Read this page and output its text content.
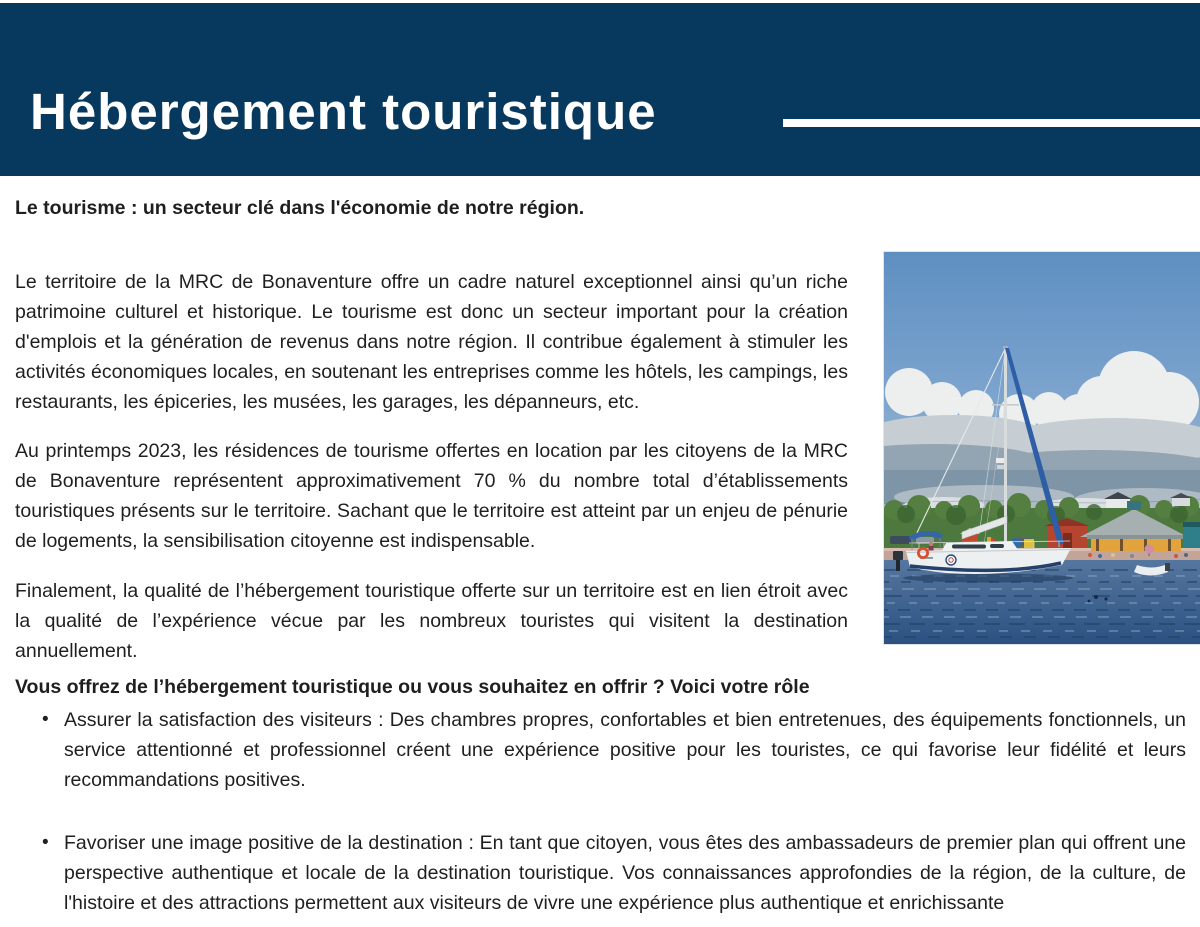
Hébergement touristique
Le tourisme : un secteur clé dans l'économie de notre région.

Le territoire de la MRC de Bonaventure offre un cadre naturel exceptionnel ainsi qu’un riche patrimoine culturel et historique. Le tourisme est donc un secteur important pour la création d'emplois et la génération de revenus dans notre région. Il contribue également à stimuler les activités économiques locales, en soutenant les entreprises comme les hôtels, les campings, les restaurants, les épiceries, les musées, les garages, les dépanneurs, etc.

Au printemps 2023, les résidences de tourisme offertes en location par les citoyens de la MRC de Bonaventure représentent approximativement 70 % du nombre total d’établissements touristiques présents sur le territoire. Sachant que le territoire est atteint par un enjeu de pénurie de logements, la sensibilisation citoyenne est indispensable.

Finalement, la qualité de l’hébergement touristique offerte sur un territoire est en lien étroit avec la qualité de l’expérience vécue par les nombreux touristes qui visitent la destination annuellement.

Vous offrez de l’hébergement touristique ou vous souhaitez en offrir ? Voici votre rôle
• Assurer la satisfaction des visiteurs : Des chambres propres, confortables et bien entretenues, des équipements fonctionnels, un service attentionné et professionnel créent une expérience positive pour les touristes, ce qui favorise leur fidélité et leurs recommandations positives.
• Favoriser une image positive de la destination : En tant que citoyen, vous êtes des ambassadeurs de premier plan qui offrent une perspective authentique et locale de la destination touristique. Vos connaissances approfondies de la région, de la culture, de l'histoire et des attractions permettent aux visiteurs de vivre une expérience plus authentique et enrichissante
